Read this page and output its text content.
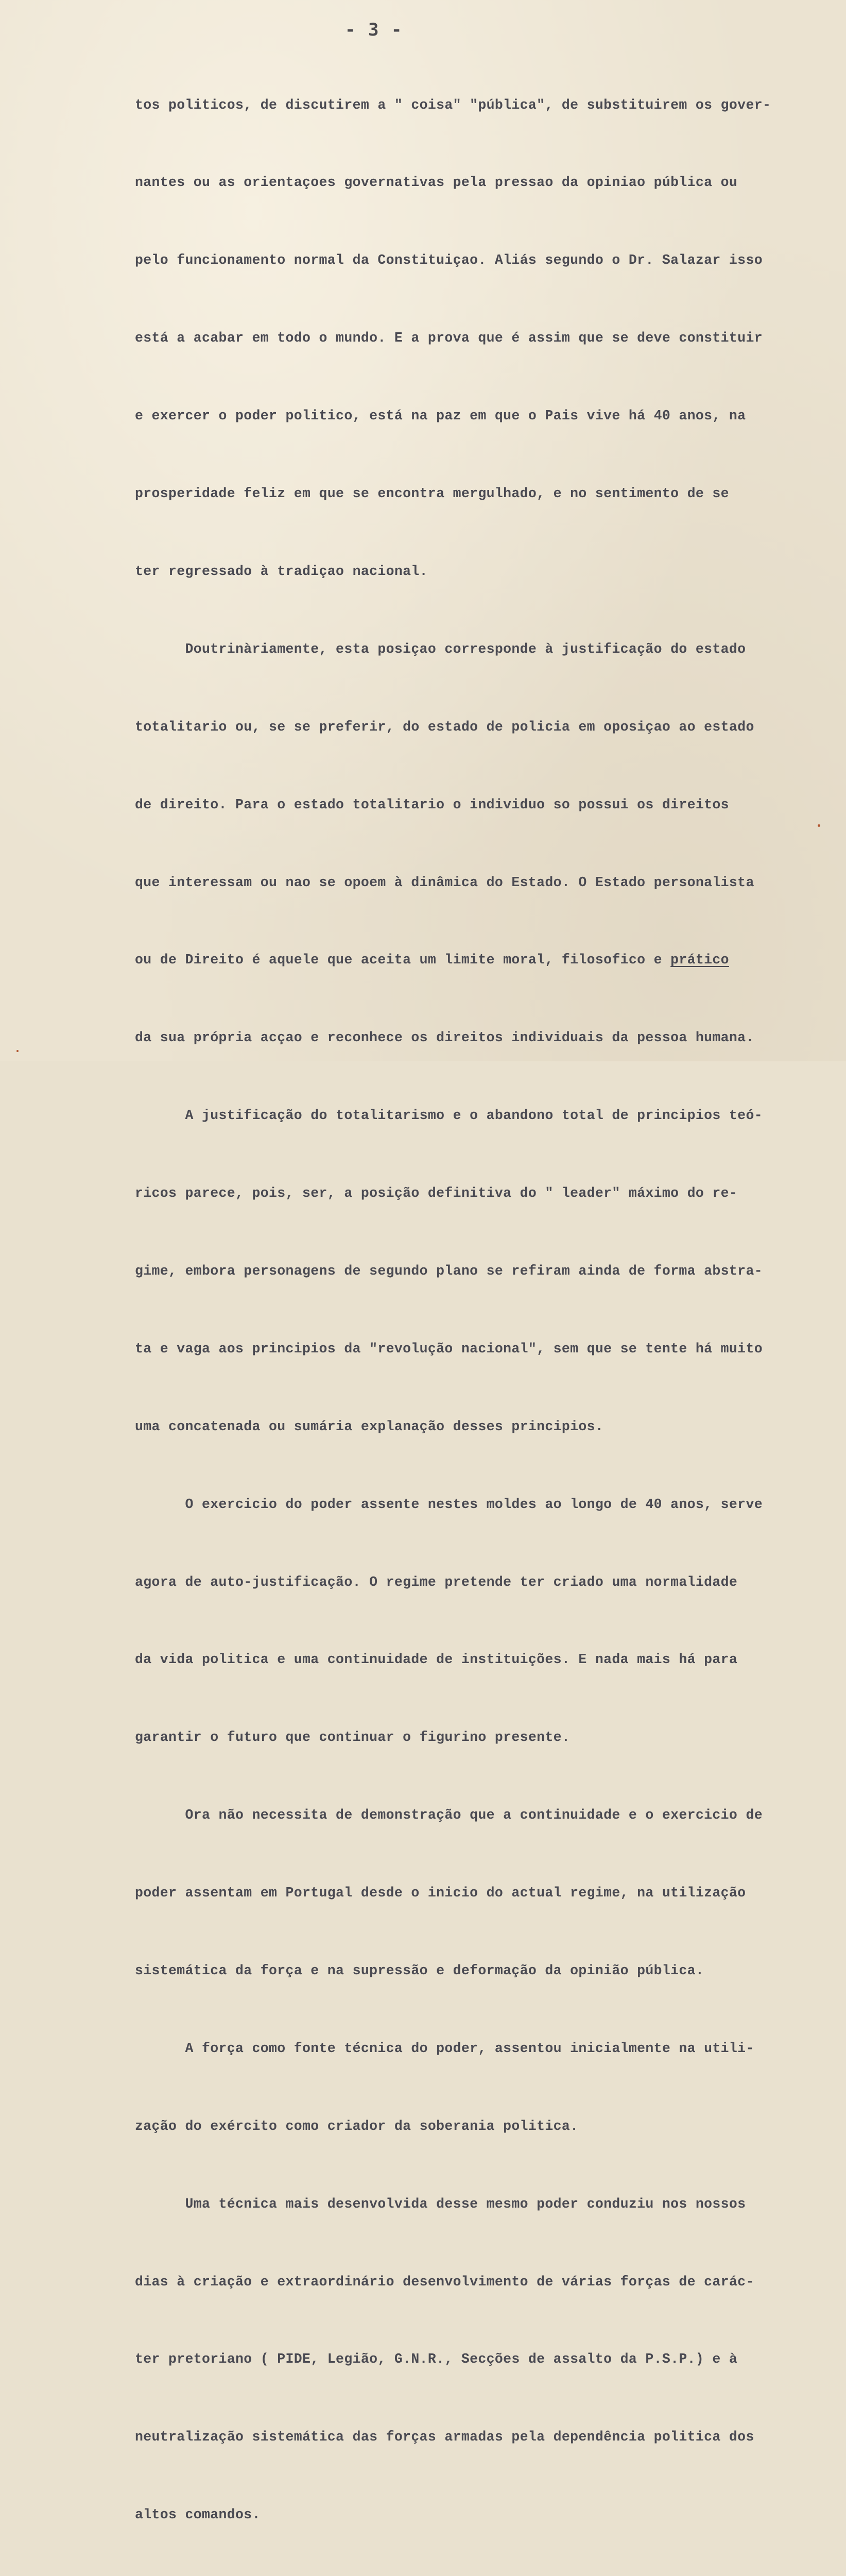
- 3 -

tos politicos, de discutirem a " coisa" "pública", de substituirem os gover-

nantes ou as orientaçoes governativas pela pressao da opiniao pública ou

pelo funcionamento normal da Constituiçao. Aliás segundo o Dr. Salazar isso

está a acabar em todo o mundo. E a prova que é assim que se deve constituir

e exercer o poder politico, está na paz em que o Pais vive há 40 anos, na

prosperidade feliz em que se encontra mergulhado, e no sentimento de se

ter regressado à tradiçao nacional.

Doutrinàriamente, esta posiçao corresponde à justificação do estado

totalitario ou, se se preferir, do estado de policia em oposiçao ao estado

de direito. Para o estado totalitario o individuo so possui os direitos

que interessam ou nao se opoem à dinâmica do Estado. O Estado personalista

ou de Direito é aquele que aceita um limite moral, filosofico e prático

da sua própria acçao e reconhece os direitos individuais da pessoa humana.

A justificação do totalitarismo e o abandono total de principios teó-

ricos parece, pois, ser, a posição definitiva do " leader" máximo do re-

gime, embora personagens de segundo plano se refiram ainda de forma abstra-

ta e vaga aos principios da "revolução nacional", sem que se tente há muito

uma concatenada ou sumária explanação desses principios.

O exercicio do poder assente nestes moldes ao longo de 40 anos, serve

agora de auto-justificação. O regime pretende ter criado uma normalidade

da vida politica e uma continuidade de instituições. E nada mais há para

garantir o futuro que continuar o figurino presente.

Ora não necessita de demonstração que a continuidade e o exercicio de

poder assentam em Portugal desde o inicio do actual regime, na utilização

sistemática da força e na supressão e deformação da opinião pública.

A força como fonte técnica do poder, assentou inicialmente na utili-

zação do exército como criador da soberania politica.

Uma técnica mais desenvolvida desse mesmo poder conduziu nos nossos

dias à criação e extraordinário desenvolvimento de várias forças de carác-

ter pretoriano ( PIDE, Legião, G.N.R., Secções de assalto da P.S.P.) e à

neutralização sistemática das forças armadas pela dependência politica dos

altos comandos.
